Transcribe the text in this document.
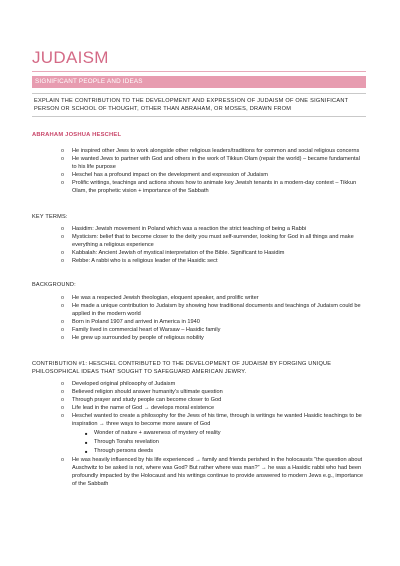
JUDAISM
SIGNIFICANT PEOPLE AND IDEAS
EXPLAIN THE CONTRIBUTION TO THE DEVELOPMENT AND EXPRESSION OF JUDAISM OF ONE SIGNIFICANT PERSON OR SCHOOL OF THOUGHT, OTHER THAN ABRAHAM, OR MOSES, DRAWN FROM
ABRAHAM JOSHUA HESCHEL
o He inspired other Jews to work alongside other religious leaders/traditions for common and social religious concerns
o He wanted Jews to partner with God and others in the work of Tikkun Olam (repair the world) – became fundamental to his life purpose
o Heschel has a profound impact on the development and expression of Judaism
o Prolific writings, teachings and actions shows how to animate key Jewish tenants in a modern-day context – Tikkun Olam, the prophetic vision + importance of the Sabbath
KEY TERMS:
o Hasidim: Jewish movement in Poland which was a reaction the strict teaching of being a Rabbi
o Mysticism: belief that to become closer to the deity you must self-surrender, looking for God in all things and make everything a religious experience
o Kabbalah: Ancient Jewish of mystical interpretation of the Bible. Significant to Hasidim
o Rebbe: A rabbi who is a religious leader of the Hasidic sect
BACKGROUND:
o He was a respected Jewish theologian, eloquent speaker, and prolific writer
o He made a unique contribution to Judaism by showing how traditional documents and teachings of Judaism could be applied in the modern world
o Born in Poland 1907 and arrived in America in 1940
o Family lived in commercial heart of Warsaw – Hasidic family
o He grew up surrounded by people of religious nobility
CONTRIBUTION #1: HESCHEL CONTRIBUTED TO THE DEVELOPMENT OF JUDAISM BY FORGING UNIQUE PHILOSOPHICAL IDEAS THAT SOUGHT TO SAFEGUARD AMERICAN JEWRY.
o Developed original philosophy of Judaism
o Believed religion should answer humanity’s ultimate question
o Through prayer and study people can become closer to God
o Life lead in the name of God → develops moral existence
o Heschel wanted to create a philosophy for the Jews of his time, through is writings he wanted Hasidic teachings to be inspiration → three ways to become more aware of God
■ Wonder of nature + awareness of mystery of reality
■ Through Torahs revelation
■ Through persons deeds
o He was heavily influenced by his life experienced → family and friends perished in the holocausts “the question about Auschwitz to be asked is not, where was God? But rather where was man?” → he was a Hasidic rabbi who had been profoundly impacted by the Holocaust and his writings continue to provide answered to modern Jews e.g., importance of the Sabbath
